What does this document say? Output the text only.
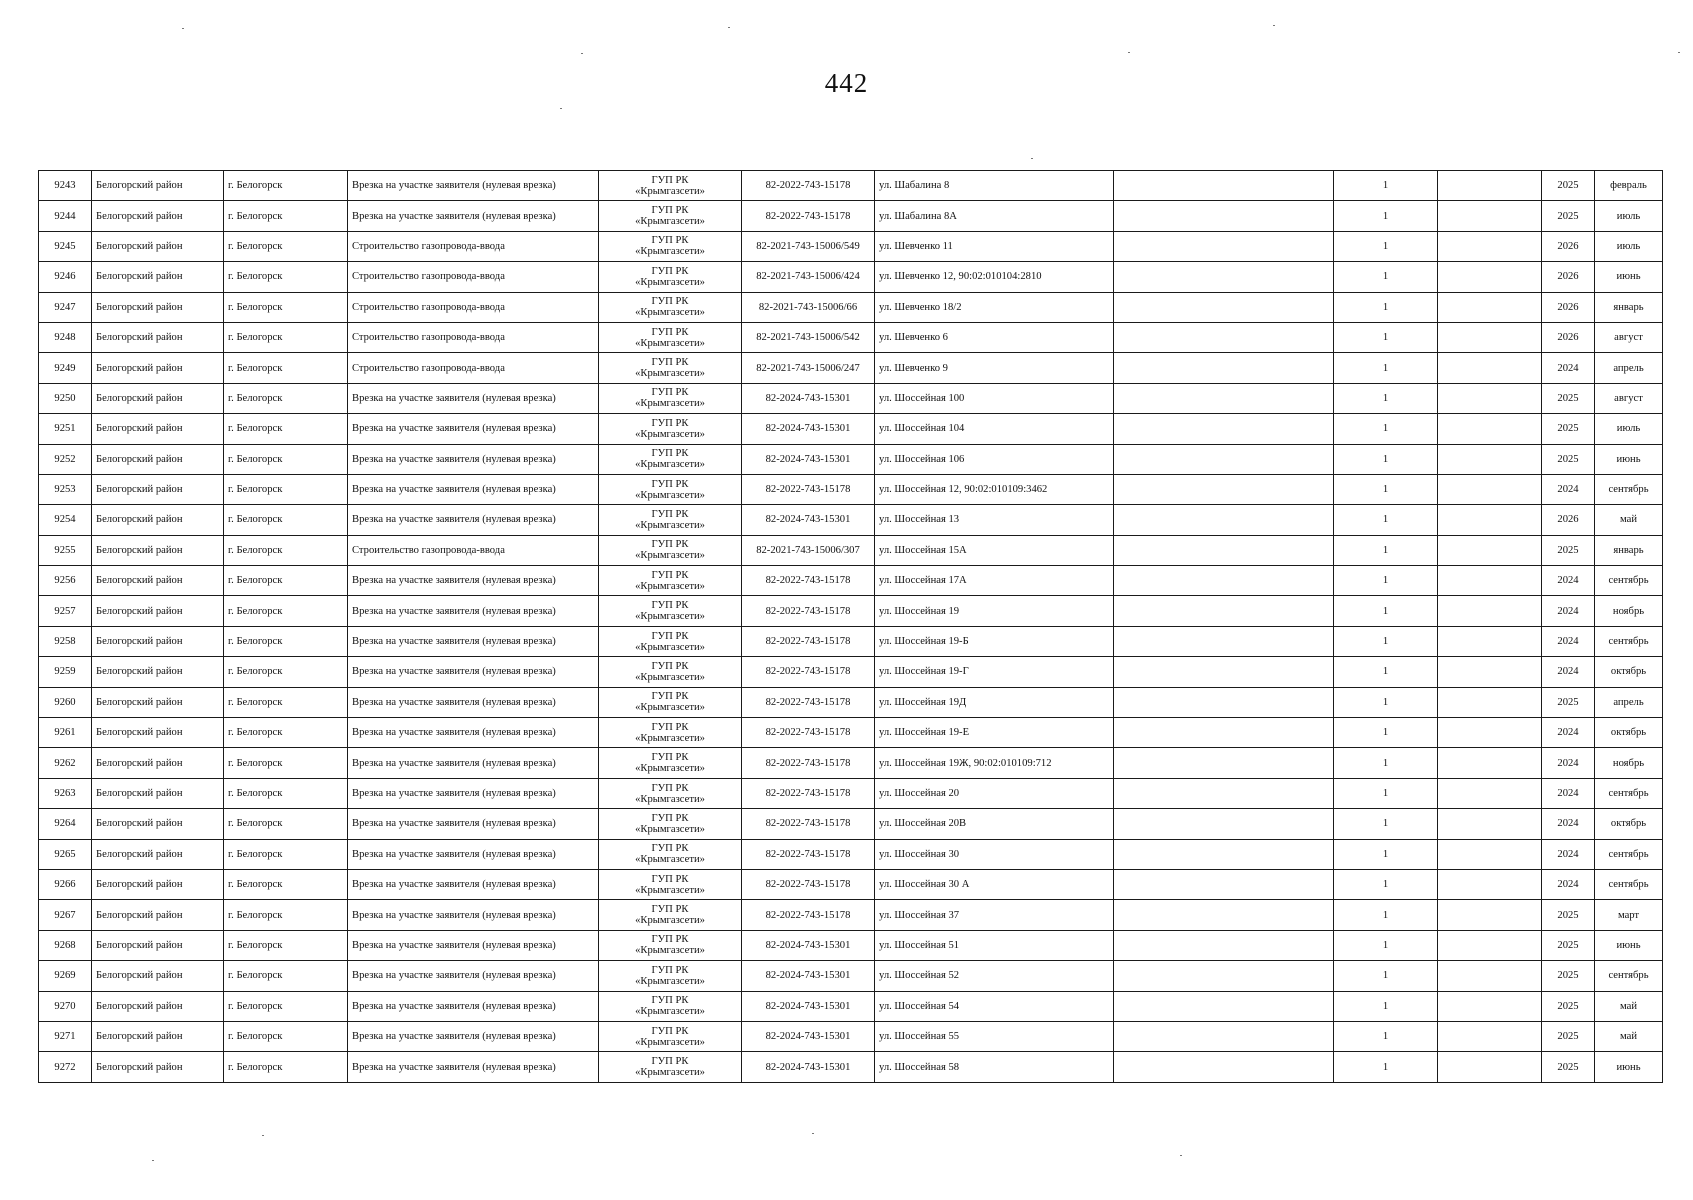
442
9243	Белогорский район	г. Белогорск	Врезка на участке заявителя (нулевая врезка)	ГУП РК
«Крымгазсети»	82-2022-743-15178	ул. Шабалина 8		1		2025	февраль
9244	Белогорский район	г. Белогорск	Врезка на участке заявителя (нулевая врезка)	ГУП РК
«Крымгазсети»	82-2022-743-15178	ул. Шабалина 8А		1		2025	июль
9245	Белогорский район	г. Белогорск	Строительство газопровода-ввода	ГУП РК
«Крымгазсети»	82-2021-743-15006/549	ул. Шевченко 11		1		2026	июль
9246	Белогорский район	г. Белогорск	Строительство газопровода-ввода	ГУП РК
«Крымгазсети»	82-2021-743-15006/424	ул. Шевченко 12, 90:02:010104:2810		1		2026	июнь
9247	Белогорский район	г. Белогорск	Строительство газопровода-ввода	ГУП РК
«Крымгазсети»	82-2021-743-15006/66	ул. Шевченко 18/2		1		2026	январь
9248	Белогорский район	г. Белогорск	Строительство газопровода-ввода	ГУП РК
«Крымгазсети»	82-2021-743-15006/542	ул. Шевченко 6		1		2026	август
9249	Белогорский район	г. Белогорск	Строительство газопровода-ввода	ГУП РК
«Крымгазсети»	82-2021-743-15006/247	ул. Шевченко 9		1		2024	апрель
9250	Белогорский район	г. Белогорск	Врезка на участке заявителя (нулевая врезка)	ГУП РК
«Крымгазсети»	82-2024-743-15301	ул. Шоссейная 100		1		2025	август
9251	Белогорский район	г. Белогорск	Врезка на участке заявителя (нулевая врезка)	ГУП РК
«Крымгазсети»	82-2024-743-15301	ул. Шоссейная 104		1		2025	июль
9252	Белогорский район	г. Белогорск	Врезка на участке заявителя (нулевая врезка)	ГУП РК
«Крымгазсети»	82-2024-743-15301	ул. Шоссейная 106		1		2025	июнь
9253	Белогорский район	г. Белогорск	Врезка на участке заявителя (нулевая врезка)	ГУП РК
«Крымгазсети»	82-2022-743-15178	ул. Шоссейная 12, 90:02:010109:3462		1		2024	сентябрь
9254	Белогорский район	г. Белогорск	Врезка на участке заявителя (нулевая врезка)	ГУП РК
«Крымгазсети»	82-2024-743-15301	ул. Шоссейная 13		1		2026	май
9255	Белогорский район	г. Белогорск	Строительство газопровода-ввода	ГУП РК
«Крымгазсети»	82-2021-743-15006/307	ул. Шоссейная 15А		1		2025	январь
9256	Белогорский район	г. Белогорск	Врезка на участке заявителя (нулевая врезка)	ГУП РК
«Крымгазсети»	82-2022-743-15178	ул. Шоссейная 17А		1		2024	сентябрь
9257	Белогорский район	г. Белогорск	Врезка на участке заявителя (нулевая врезка)	ГУП РК
«Крымгазсети»	82-2022-743-15178	ул. Шоссейная 19		1		2024	ноябрь
9258	Белогорский район	г. Белогорск	Врезка на участке заявителя (нулевая врезка)	ГУП РК
«Крымгазсети»	82-2022-743-15178	ул. Шоссейная 19-Б		1		2024	сентябрь
9259	Белогорский район	г. Белогорск	Врезка на участке заявителя (нулевая врезка)	ГУП РК
«Крымгазсети»	82-2022-743-15178	ул. Шоссейная 19-Г		1		2024	октябрь
9260	Белогорский район	г. Белогорск	Врезка на участке заявителя (нулевая врезка)	ГУП РК
«Крымгазсети»	82-2022-743-15178	ул. Шоссейная 19Д		1		2025	апрель
9261	Белогорский район	г. Белогорск	Врезка на участке заявителя (нулевая врезка)	ГУП РК
«Крымгазсети»	82-2022-743-15178	ул. Шоссейная 19-Е		1		2024	октябрь
9262	Белогорский район	г. Белогорск	Врезка на участке заявителя (нулевая врезка)	ГУП РК
«Крымгазсети»	82-2022-743-15178	ул. Шоссейная 19Ж, 90:02:010109:712		1		2024	ноябрь
9263	Белогорский район	г. Белогорск	Врезка на участке заявителя (нулевая врезка)	ГУП РК
«Крымгазсети»	82-2022-743-15178	ул. Шоссейная 20		1		2024	сентябрь
9264	Белогорский район	г. Белогорск	Врезка на участке заявителя (нулевая врезка)	ГУП РК
«Крымгазсети»	82-2022-743-15178	ул. Шоссейная 20В		1		2024	октябрь
9265	Белогорский район	г. Белогорск	Врезка на участке заявителя (нулевая врезка)	ГУП РК
«Крымгазсети»	82-2022-743-15178	ул. Шоссейная 30		1		2024	сентябрь
9266	Белогорский район	г. Белогорск	Врезка на участке заявителя (нулевая врезка)	ГУП РК
«Крымгазсети»	82-2022-743-15178	ул. Шоссейная 30 А		1		2024	сентябрь
9267	Белогорский район	г. Белогорск	Врезка на участке заявителя (нулевая врезка)	ГУП РК
«Крымгазсети»	82-2022-743-15178	ул. Шоссейная 37		1		2025	март
9268	Белогорский район	г. Белогорск	Врезка на участке заявителя (нулевая врезка)	ГУП РК
«Крымгазсети»	82-2024-743-15301	ул. Шоссейная 51		1		2025	июнь
9269	Белогорский район	г. Белогорск	Врезка на участке заявителя (нулевая врезка)	ГУП РК
«Крымгазсети»	82-2024-743-15301	ул. Шоссейная 52		1		2025	сентябрь
9270	Белогорский район	г. Белогорск	Врезка на участке заявителя (нулевая врезка)	ГУП РК
«Крымгазсети»	82-2024-743-15301	ул. Шоссейная 54		1		2025	май
9271	Белогорский район	г. Белогорск	Врезка на участке заявителя (нулевая врезка)	ГУП РК
«Крымгазсети»	82-2024-743-15301	ул. Шоссейная 55		1		2025	май
9272	Белогорский район	г. Белогорск	Врезка на участке заявителя (нулевая врезка)	ГУП РК
«Крымгазсети»	82-2024-743-15301	ул. Шоссейная 58		1		2025	июнь
